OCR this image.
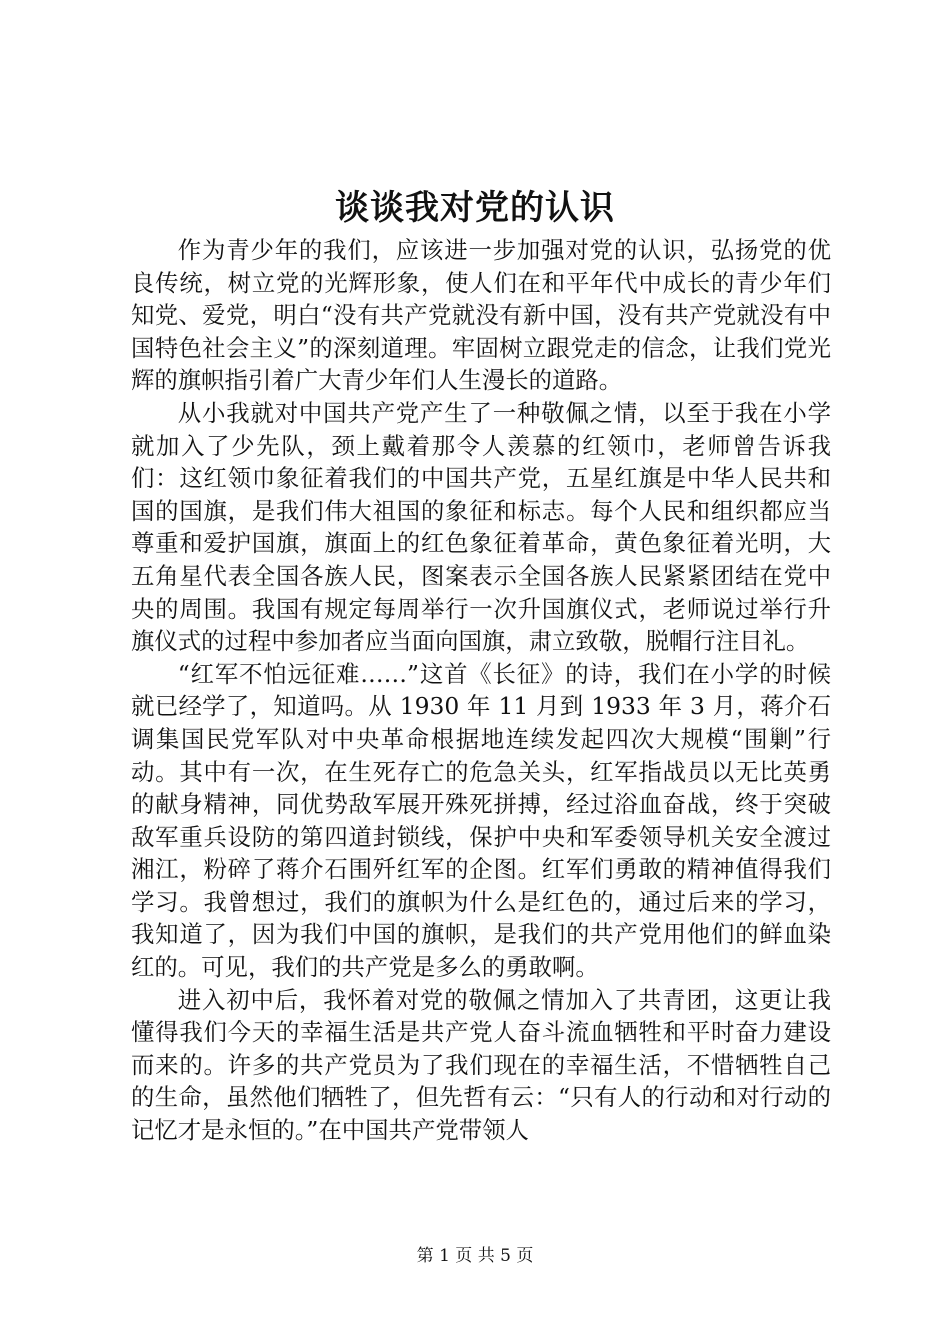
谈谈我对党的认识

作为青少年的我们，应该进一步加强对党的认识，弘扬党的优良传统，树立党的光辉形象，使人们在和平年代中成长的青少年们知党、爱党，明白“没有共产党就没有新中国，没有共产党就没有中国特色社会主义”的深刻道理。牢固树立跟党走的信念，让我们党光辉的旗帜指引着广大青少年们人生漫长的道路。

从小我就对中国共产党产生了一种敬佩之情，以至于我在小学就加入了少先队，颈上戴着那令人羡慕的红领巾，老师曾告诉我们：这红领巾象征着我们的中国共产党，五星红旗是中华人民共和国的国旗，是我们伟大祖国的象征和标志。每个人民和组织都应当尊重和爱护国旗，旗面上的红色象征着革命，黄色象征着光明，大五角星代表全国各族人民，图案表示全国各族人民紧紧团结在党中央的周围。我国有规定每周举行一次升国旗仪式，老师说过举行升旗仪式的过程中参加者应当面向国旗，肃立致敬，脱帽行注目礼。

“红军不怕远征难……”这首《长征》的诗，我们在小学的时候就已经学了，知道吗。从 1930 年 11 月到 1933 年 3 月，蒋介石调集国民党军队对中央革命根据地连续发起四次大规模“围剿”行动。其中有一次，在生死存亡的危急关头，红军指战员以无比英勇的献身精神，同优势敌军展开殊死拼搏，经过浴血奋战，终于突破敌军重兵设防的第四道封锁线，保护中央和军委领导机关安全渡过湘江，粉碎了蒋介石围歼红军的企图。红军们勇敢的精神值得我们学习。我曾想过，我们的旗帜为什么是红色的，通过后来的学习，我知道了，因为我们中国的旗帜，是我们的共产党用他们的鲜血染红的。可见，我们的共产党是多么的勇敢啊。

进入初中后，我怀着对党的敬佩之情加入了共青团，这更让我懂得我们今天的幸福生活是共产党人奋斗流血牺牲和平时奋力建设而来的。许多的共产党员为了我们现在的幸福生活，不惜牺牲自己的生命，虽然他们牺牲了，但先哲有云：“只有人的行动和对行动的记忆才是永恒的。”在中国共产党带领人

第 1 页 共 5 页
